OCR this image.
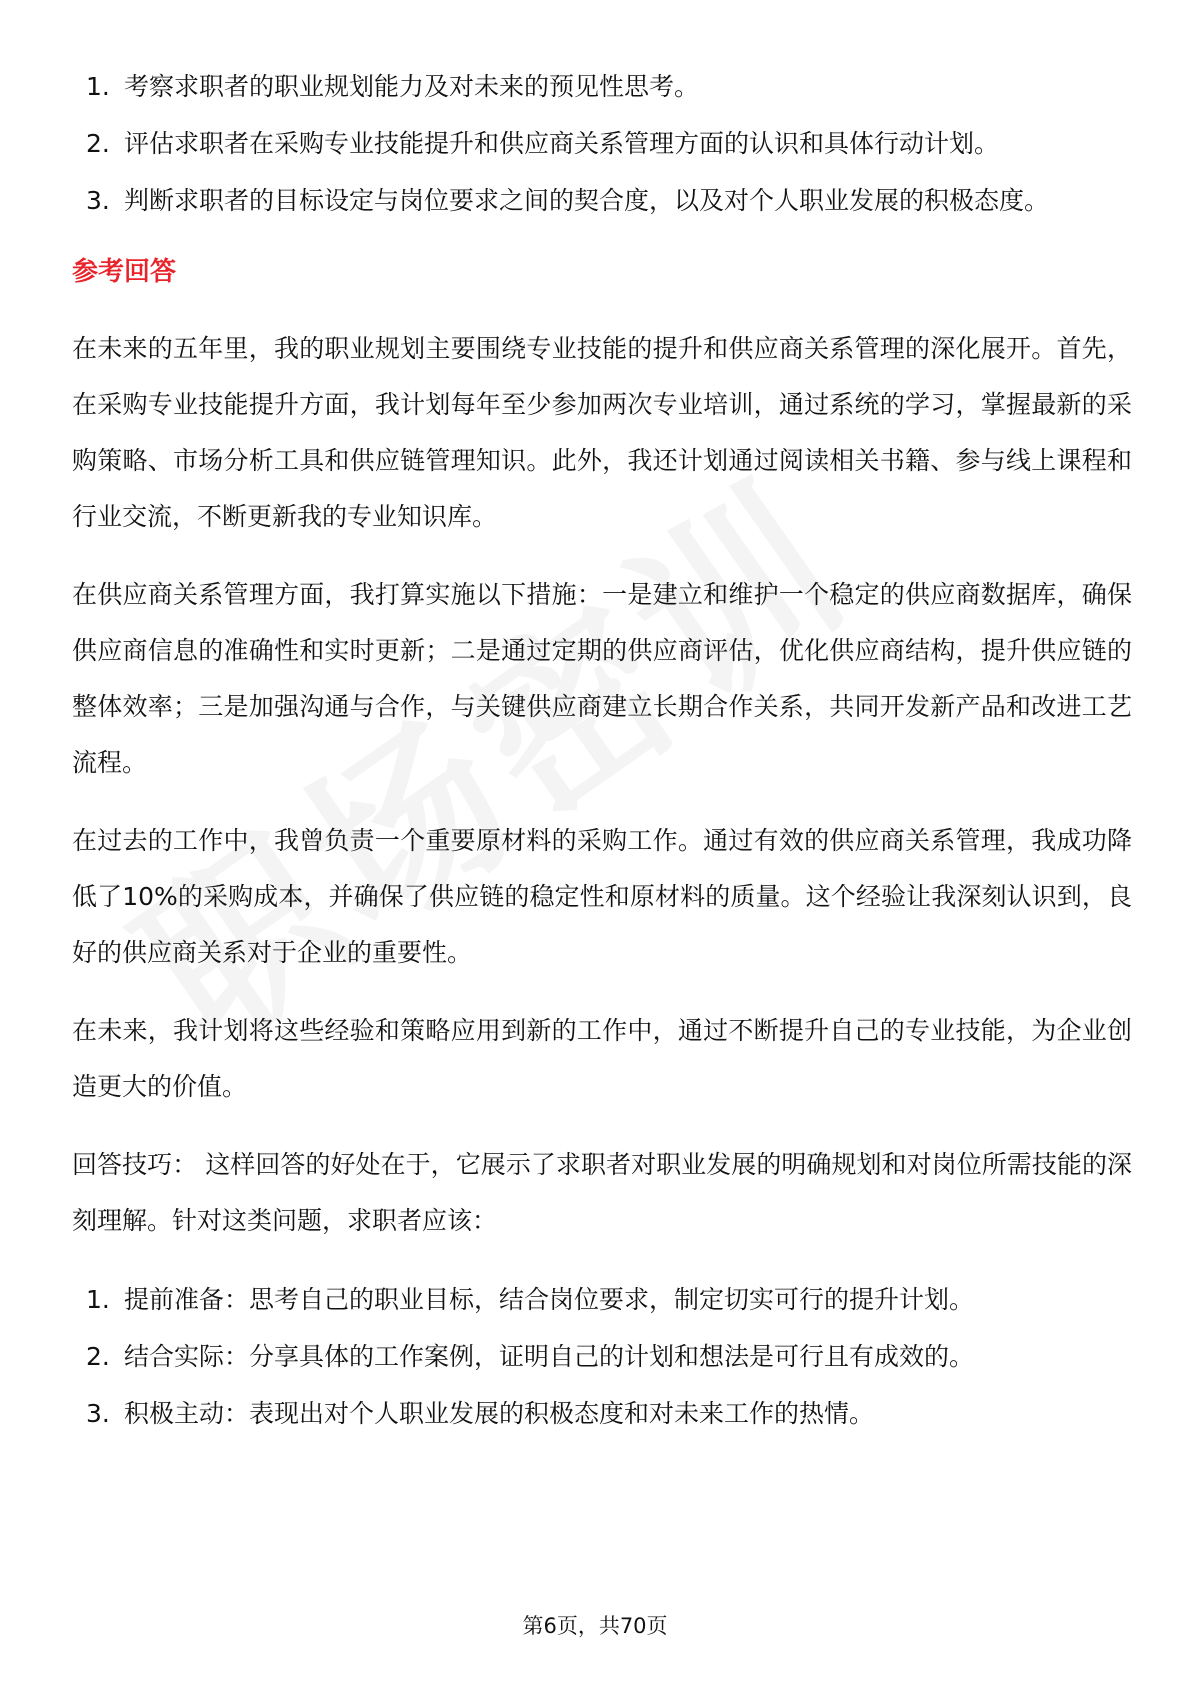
1. 考察求职者的职业规划能力及对未来的预见性思考。
2. 评估求职者在采购专业技能提升和供应商关系管理方面的认识和具体行动计划。
3. 判断求职者的目标设定与岗位要求之间的契合度，以及对个人职业发展的积极态度。
参考回答

在未来的五年里，我的职业规划主要围绕专业技能的提升和供应商关系管理的深化展开。首先，在采购专业技能提升方面，我计划每年至少参加两次专业培训，通过系统的学习，掌握最新的采购策略、市场分析工具和供应链管理知识。此外，我还计划通过阅读相关书籍、参与线上课程和行业交流，不断更新我的专业知识库。

在供应商关系管理方面，我打算实施以下措施：一是建立和维护一个稳定的供应商数据库，确保供应商信息的准确性和实时更新；二是通过定期的供应商评估，优化供应商结构，提升供应链的整体效率；三是加强沟通与合作，与关键供应商建立长期合作关系，共同开发新产品和改进工艺流程。

在过去的工作中，我曾负责一个重要原材料的采购工作。通过有效的供应商关系管理，我成功降低了10%的采购成本，并确保了供应链的稳定性和原材料的质量。这个经验让我深刻认识到，良好的供应商关系对于企业的重要性。

在未来，我计划将这些经验和策略应用到新的工作中，通过不断提升自己的专业技能，为企业创造更大的价值。

回答技巧： 这样回答的好处在于，它展示了求职者对职业发展的明确规划和对岗位所需技能的深刻理解。针对这类问题，求职者应该：

1. 提前准备：思考自己的职业目标，结合岗位要求，制定切实可行的提升计划。
2. 结合实际：分享具体的工作案例，证明自己的计划和想法是可行且有成效的。
3. 积极主动：表现出对个人职业发展的积极态度和对未来工作的热情。
第6页，共70页
